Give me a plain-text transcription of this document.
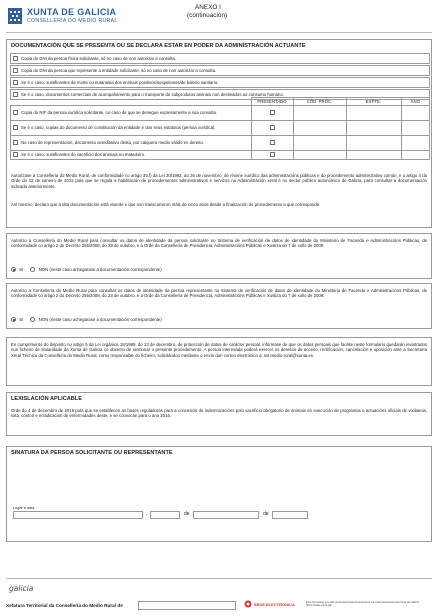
XUNTA DE GALICIA
CONSELLERÍA DO MEDIO RURAL
ANEXO I
(continuación)
DOCUMENTACIÓN QUE SE PRESENTA OU SE DECLARA ESTAR EN PODER DA ADMINISTRACIÓN ACTUANTE
Copia do DNI da persoa física solicitante, só no caso de non autorizar a consulta.
Copia do DNI da persoa que represente a entidade solicitante, só no caso de non autorizar a consulta.
Se é o caso, xustificantes da morte ou eutanasia dos animais positivos/sospeitosos/de baleiro sanitario.
Se é o caso, documentos comerciais de acompañamento para o transporte de subprodutos animais non destinados ao consumo humano.
	PRESENTADO	CÓD. PROC.	EXPTE.	ANO
Copia do NIF da persoa xurídica solicitante, no caso de que se denegue expresamente a súa consulta.				
Se é o caso, copias do documento de constitución da entidade e dos seus estatutos (persoa xurídica).				
No caso de representación, documento acreditativo desta, por calquera medio válido en dereito.				
Se é o caso, xustificantes do sacrificio dos animais no matadoiro.				
Autorízase a Consellería do Medio Rural, de conformidade co artigo 35.f) da Lei 30/1992, do 26 de novembro, de réxime xurídico das administracións públicas e do procedemento administrativo común, e o artigo 4 da Orde do 12 de xaneiro de 2012 pola que se regula a habilitación de procedementos administrativos e servizos na Administración xeral e no sector público autonómico de Galicia, para consultar a documentación indicada anteriormente.
Así mesmo, declaro que a dita documentación está vixente e que non transcorreron máis de cinco anos desde a finalización do procedemento a que corresponde.
Autorizo a Consellería do Medio Rural para consultar os datos de identidade da persoa solicitante no Sistema de verificación de datos de identidade do Ministerio de Facenda e Administracións Públicas, de conformidade co artigo 2 do Decreto 255/2008, do 23 de outubro, e a Orde da Consellería de Presidencia, Administracións Públicas e Xustiza do 7 de xullo de 2009.
SI	NON (neste caso achegarase a documentación correspondente)
Autorizo a Consellería do Medio Rural para consultar os datos de identidade da persoa representante no Sistema de verificación de datos de identidade do Ministerio de Facenda e Administracións Públicas, de conformidade co artigo 2 do Decreto 255/2008, do 23 de outubro, e a Orde da Consellería de Presidencia, Administracións Públicas e Xustiza do 7 de xullo de 2009.
SI	NON (neste caso achegarase a documentación correspondente)
En cumprimento do disposto no artigo 5 da Lei orgánica 15/1999, do 13 de decembro, de protección de datos de carácter persoal, infórmase de que os datos persoais que facilite neste formulario quedarán rexistrados nun ficheiro de titularidade da Xunta de Galicia co obxecto de xestionar o presente procedemento. A persoa interesada poderá exercer os dereitos de acceso, rectificación, cancelación e oposición ante a Secretaría Xeral Técnica da Consellería do Medio Rural, como responsable do ficheiro, solicitándoo mediante o envío dun correo electrónico a: sxt.medio-rural@xunta.es.
LEXISLACIÓN APLICABLE
Orde do 4 de decembro de 2015 pola que se establecen as bases reguladoras para a concesión de indemnizacións polo sacrificio obrigatorio de animais en execución de programas e actuacións oficiais de vixilancia, loita, control e erradicación de enfermidades deste, e se convocan para o ano 2016.
SINATURA DA PERSOA SOLICITANTE OU REPRESENTANTE
Lugar e data
,	de	de
galicia
Xefatura Territorial da Consellería do Medio Rural de	SEDE ELECTRÓNICA	Este formulario só pode presentarse electronicamente na sede electrónica da Xunta de Galicia https://sede.xunta.gal
